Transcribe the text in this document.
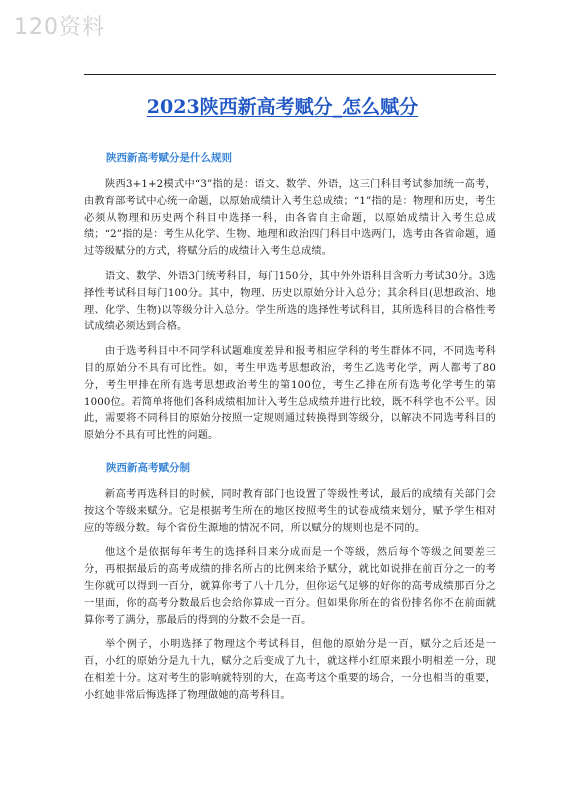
120资料
2023陕西新高考赋分_怎么赋分
陕西新高考赋分是什么规则

陕西3+1+2模式中“3”指的是：语文、数学、外语，这三门科目考试参加统一高考，由教育部考试中心统一命题，以原始成绩计入考生总成绩；“1”指的是：物理和历史，考生必须从物理和历史两个科目中选择一科，由各省自主命题，以原始成绩计入考生总成绩；“2”指的是：考生从化学、生物、地理和政治四门科目中选两门，选考由各省命题，通过等级赋分的方式，将赋分后的成绩计入考生总成绩。

语文、数学、外语3门统考科目，每门150分，其中外外语科目含听力考试30分。3选择性考试科目每门100分。其中，物理、历史以原始分计入总分；其余科目(思想政治、地理、化学、生物)以等级分计入总分。学生所选的选择性考试科目，其所选科目的合格性考试成绩必须达到合格。

由于选考科目中不同学科试题难度差异和报考相应学科的考生群体不同，不同选考科目的原始分不具有可比性。如，考生甲选考思想政治，考生乙选考化学，两人都考了80分，考生甲排在所有选考思想政治考生的第100位，考生乙排在所有选考化学考生的第1000位。若简单将他们各科成绩相加计入考生总成绩并进行比较，既不科学也不公平。因此，需要将不同科目的原始分按照一定规则通过转换得到等级分，以解决不同选考科目的原始分不具有可比性的问题。

陕西新高考赋分制

新高考再选科目的时候，同时教育部门也设置了等级性考试，最后的成绩有关部门会按这个等级来赋分。它是根据考生所在的地区按照考生的试卷成绩来划分，赋予学生相对应的等级分数。每个省份生源地的情况不同，所以赋分的规则也是不同的。

他这个是依据每年考生的选择科目来分成而是一个等级，然后每个等级之间要差三分，再根据最后的高考成绩的排名所占的比例来给予赋分，就比如说排在前百分之一的考生你就可以得到一百分，就算你考了八十几分，但你运气足够的好你的高考成绩那百分之一里面，你的高考分数最后也会给你算成一百分。但如果你所在的省份排名你不在前面就算你考了满分，那最后的得到的分数不会是一百。

举个例子，小明选择了物理这个考试科目，但他的原始分是一百，赋分之后还是一百，小红的原始分是九十九，赋分之后变成了九十，就这样小红原来跟小明相差一分，现在相差十分。这对考生的影响就特别的大，在高考这个重要的场合，一分也相当的重要，小红她非常后悔选择了物理做她的高考科目。
